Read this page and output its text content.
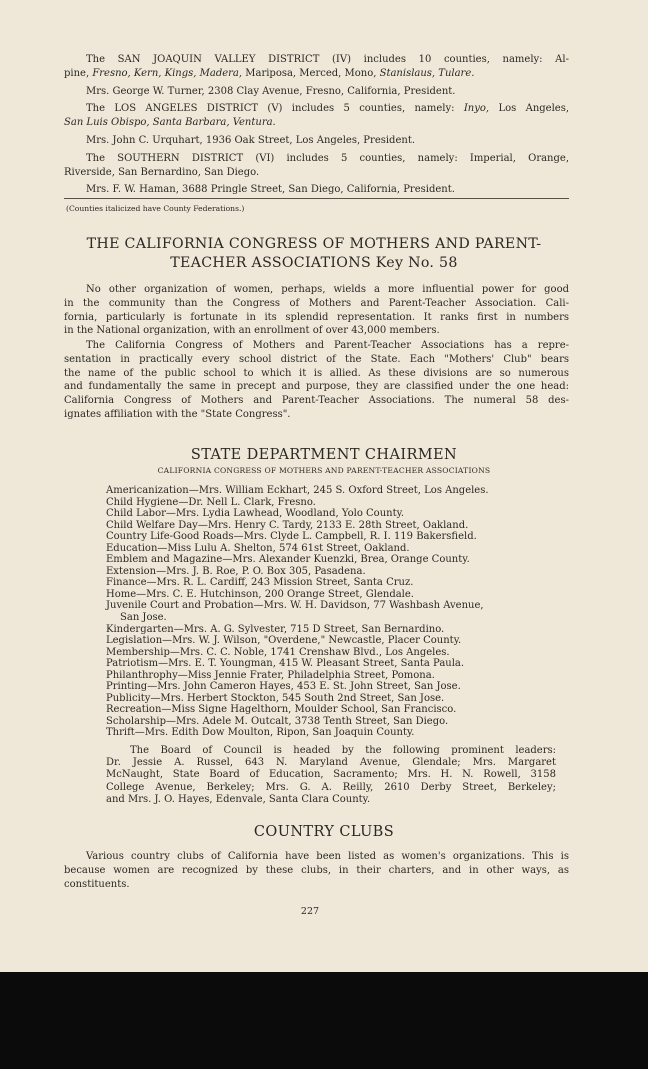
The SAN JOAQUIN VALLEY DISTRICT (IV) includes 10 counties, namely: Al-
pine, Fresno, Kern, Kings, Madera, Mariposa, Merced, Mono, Stanislaus, Tulare.
Mrs. George W. Turner, 2308 Clay Avenue, Fresno, California, President.
The LOS ANGELES DISTRICT (V) includes 5 counties, namely: Inyo, Los Angeles,
San Luis Obispo, Santa Barbara, Ventura.
Mrs. John C. Urquhart, 1936 Oak Street, Los Angeles, President.
The SOUTHERN DISTRICT (VI) includes 5 counties, namely: Imperial, Orange,
Riverside, San Bernardino, San Diego.
Mrs. F. W. Haman, 3688 Pringle Street, San Diego, California, President.
(Counties italicized have County Federations.)
THE CALIFORNIA CONGRESS OF MOTHERS AND PARENT-
TEACHER ASSOCIATIONS Key No. 58
No other organization of women, perhaps, wields a more influential power for good
in the community than the Congress of Mothers and Parent-Teacher Association. Cali-
fornia, particularly is fortunate in its splendid representation. It ranks first in numbers
in the National organization, with an enrollment of over 43,000 members.
The California Congress of Mothers and Parent-Teacher Associations has a repre-
sentation in practically every school district of the State. Each "Mothers' Club" bears
the name of the public school to which it is allied. As these divisions are so numerous
and fundamentally the same in precept and purpose, they are classified under the one head:
California Congress of Mothers and Parent-Teacher Associations. The numeral 58 des-
ignates affiliation with the "State Congress".
STATE DEPARTMENT CHAIRMEN
CALIFORNIA CONGRESS OF MOTHERS AND PARENT-TEACHER ASSOCIATIONS
Americanization—Mrs. William Eckhart, 245 S. Oxford Street, Los Angeles.
Child Hygiene—Dr. Nell L. Clark, Fresno.
Child Labor—Mrs. Lydia Lawhead, Woodland, Yolo County.
Child Welfare Day—Mrs. Henry C. Tardy, 2133 E. 28th Street, Oakland.
Country Life-Good Roads—Mrs. Clyde L. Campbell, R. I. 119 Bakersfield.
Education—Miss Lulu A. Shelton, 574 61st Street, Oakland.
Emblem and Magazine—Mrs. Alexander Kuenzki, Brea, Orange County.
Extension—Mrs. J. B. Roe, P. O. Box 305, Pasadena.
Finance—Mrs. R. L. Cardiff, 243 Mission Street, Santa Cruz.
Home—Mrs. C. E. Hutchinson, 200 Orange Street, Glendale.
Juvenile Court and Probation—Mrs. W. H. Davidson, 77 Washbash Avenue,
San Jose.
Kindergarten—Mrs. A. G. Sylvester, 715 D Street, San Bernardino.
Legislation—Mrs. W. J. Wilson, "Overdene," Newcastle, Placer County.
Membership—Mrs. C. C. Noble, 1741 Crenshaw Blvd., Los Angeles.
Patriotism—Mrs. E. T. Youngman, 415 W. Pleasant Street, Santa Paula.
Philanthrophy—Miss Jennie Frater, Philadelphia Street, Pomona.
Printing—Mrs. John Cameron Hayes, 453 E. St. John Street, San Jose.
Publicity—Mrs. Herbert Stockton, 545 South 2nd Street, San Jose.
Recreation—Miss Signe Hagelthorn, Moulder School, San Francisco.
Scholarship—Mrs. Adele M. Outcalt, 3738 Tenth Street, San Diego.
Thrift—Mrs. Edith Dow Moulton, Ripon, San Joaquin County.
The Board of Council is headed by the following prominent leaders:
Dr. Jessie A. Russel, 643 N. Maryland Avenue, Glendale; Mrs. Margaret
McNaught, State Board of Education, Sacramento; Mrs. H. N. Rowell, 3158
College Avenue, Berkeley; Mrs. G. A. Reilly, 2610 Derby Street, Berkeley;
and Mrs. J. O. Hayes, Edenvale, Santa Clara County.
COUNTRY CLUBS
Various country clubs of California have been listed as women's organizations. This is
because women are recognized by these clubs, in their charters, and in other ways, as
constituents.
227
